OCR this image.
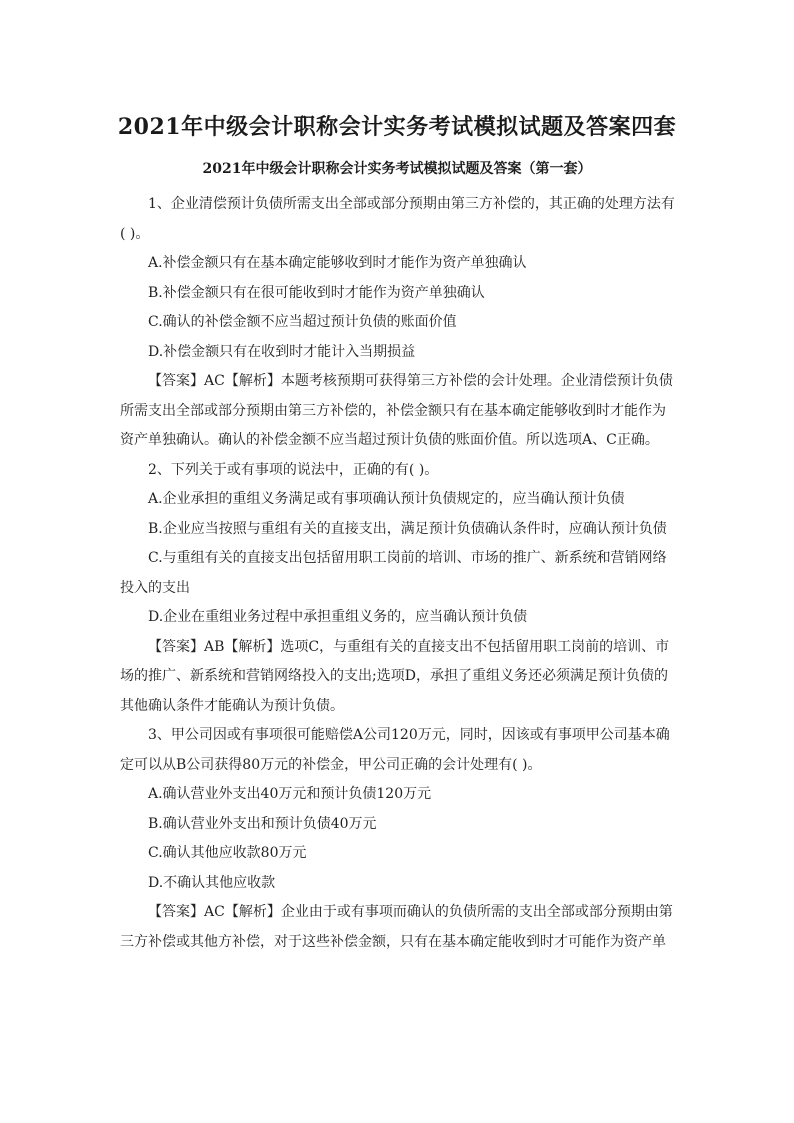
2021年中级会计职称会计实务考试模拟试题及答案四套
2021年中级会计职称会计实务考试模拟试题及答案（第一套）

1、企业清偿预计负债所需支出全部或部分预期由第三方补偿的，其正确的处理方法有( )。

A.补偿金额只有在基本确定能够收到时才能作为资产单独确认

B.补偿金额只有在很可能收到时才能作为资产单独确认

C.确认的补偿金额不应当超过预计负债的账面价值

D.补偿金额只有在收到时才能计入当期损益

【答案】AC【解析】本题考核预期可获得第三方补偿的会计处理。企业清偿预计负债所需支出全部或部分预期由第三方补偿的，补偿金额只有在基本确定能够收到时才能作为资产单独确认。确认的补偿金额不应当超过预计负债的账面价值。所以选项A、C正确。

2、下列关于或有事项的说法中，正确的有( )。

A.企业承担的重组义务满足或有事项确认预计负债规定的，应当确认预计负债

B.企业应当按照与重组有关的直接支出，满足预计负债确认条件时，应确认预计负债

C.与重组有关的直接支出包括留用职工岗前的培训、市场的推广、新系统和营销网络投入的支出

D.企业在重组业务过程中承担重组义务的，应当确认预计负债

【答案】AB【解析】选项C，与重组有关的直接支出不包括留用职工岗前的培训、市场的推广、新系统和营销网络投入的支出;选项D，承担了重组义务还必须满足预计负债的其他确认条件才能确认为预计负债。

3、甲公司因或有事项很可能赔偿A公司120万元，同时，因该或有事项甲公司基本确定可以从B公司获得80万元的补偿金，甲公司正确的会计处理有( )。

A.确认营业外支出40万元和预计负债120万元

B.确认营业外支出和预计负债40万元

C.确认其他应收款80万元

D.不确认其他应收款

【答案】AC【解析】企业由于或有事项而确认的负债所需的支出全部或部分预期由第三方补偿或其他方补偿，对于这些补偿金额，只有在基本确定能收到时才可能作为资产单
